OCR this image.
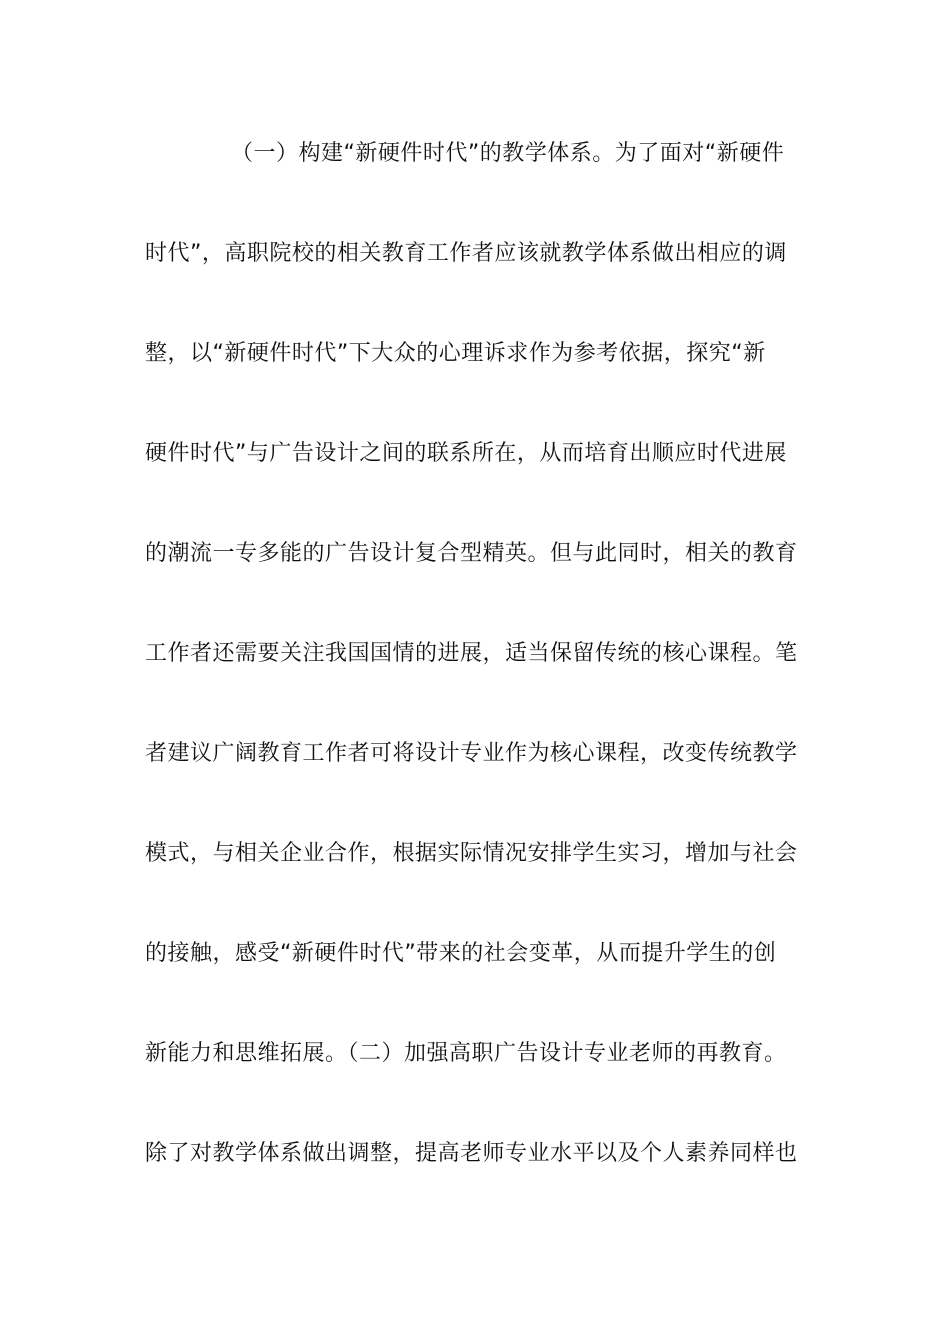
（一）构建“新硬件时代”的教学体系。为了面对“新硬件
时代”，高职院校的相关教育工作者应该就教学体系做出相应的调
整，以“新硬件时代”下大众的心理诉求作为参考依据，探究“新
硬件时代”与广告设计之间的联系所在，从而培育出顺应时代进展
的潮流一专多能的广告设计复合型精英。但与此同时，相关的教育
工作者还需要关注我国国情的进展，适当保留传统的核心课程。笔
者建议广阔教育工作者可将设计专业作为核心课程，改变传统教学
模式，与相关企业合作，根据实际情况安排学生实习，增加与社会
的接触，感受“新硬件时代”带来的社会变革，从而提升学生的创
新能力和思维拓展。（二）加强高职广告设计专业老师的再教育。
除了对教学体系做出调整，提高老师专业水平以及个人素养同样也
